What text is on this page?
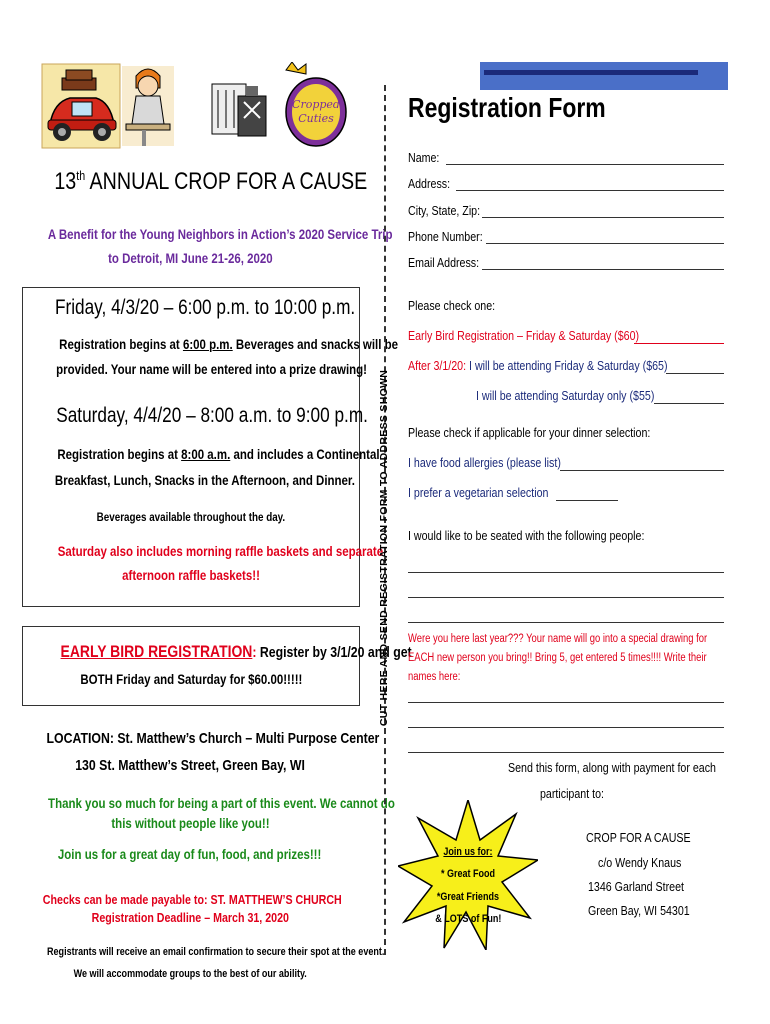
Cropped
Cuties
13th ANNUAL CROP FOR A CAUSE
A Benefit for the Young Neighbors in Action’s 2020 Service Trip
to Detroit, MI June 21-26, 2020
Friday, 4/3/20 – 6:00 p.m. to 10:00 p.m.
Registration begins at 6:00 p.m. Beverages and snacks will be
provided. Your name will be entered into a prize drawing!
Saturday, 4/4/20 – 8:00 a.m. to 9:00 p.m.
Registration begins at 8:00 a.m. and includes a Continental
Breakfast, Lunch, Snacks in the Afternoon, and Dinner.
Beverages available throughout the day.
Saturday also includes morning raffle baskets and separate
afternoon raffle baskets!!
EARLY BIRD REGISTRATION: Register by 3/1/20 and get
BOTH Friday and Saturday for $60.00!!!!!
LOCATION: St. Matthew’s Church – Multi Purpose Center
130 St. Matthew’s Street, Green Bay, WI
Thank you so much for being a part of this event. We cannot do
this without people like you!!
Join us for a great day of fun, food, and prizes!!!
Checks can be made payable to: ST. MATTHEW’S CHURCH
Registration Deadline – March 31, 2020
Registrants will receive an email confirmation to secure their spot at the event.
We will accommodate groups to the best of our ability.
CUT HERE AND SEND REGISTRATION FORM TO ADDRESS SHOWN
Registration Form
Name:
Address:
City, State, Zip:
Phone Number:
Email Address:
Please check one:
Early Bird Registration – Friday & Saturday ($60)
After 3/1/20: I will be attending Friday & Saturday ($65)
I will be attending Saturday only ($55)
Please check if applicable for your dinner selection:
I have food allergies (please list)
I prefer a vegetarian selection
I would like to be seated with the following people:
Were you here last year??? Your name will go into a special drawing for
EACH new person you bring!! Bring 5, get entered 5 times!!!! Write their
names here:
Send this form, along with payment for each
participant to:
Join us for:
* Great Food
*Great Friends
& LOTS of Fun!
CROP FOR A CAUSE
c/o Wendy Knaus
1346 Garland Street
Green Bay, WI 54301
